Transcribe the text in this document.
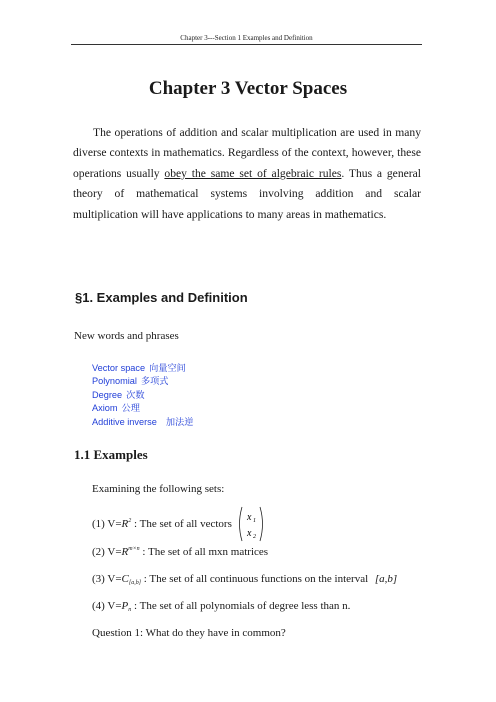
Chapter 3---Section 1 Examples and Definition
Chapter 3 Vector Spaces

The operations of addition and scalar multiplication are used in many diverse contexts in mathematics. Regardless of the context, however, these operations usually obey the same set of algebraic rules. Thus a general theory of mathematical systems involving addition and scalar multiplication will have applications to many areas in mathematics.

§1. Examples and Definition
New words and phrases
Vector space 向量空间
Polynomial 多项式
Degree 次数
Axiom 公理
Additive inverse 加法逆
1.1 Examples
Examining the following sets:
(1) $V=R^2$ : The set of all vectors
x 1
x 2
(2) $V=R^{m\times n}$ : The set of all mxn matrices
(3) $V=C_{[a,b]}$ : The set of all continuous functions on the interval [a,b]
(4) $V=P_n$ : The set of all polynomials of degree less than n.
Question 1: What do they have in common?
